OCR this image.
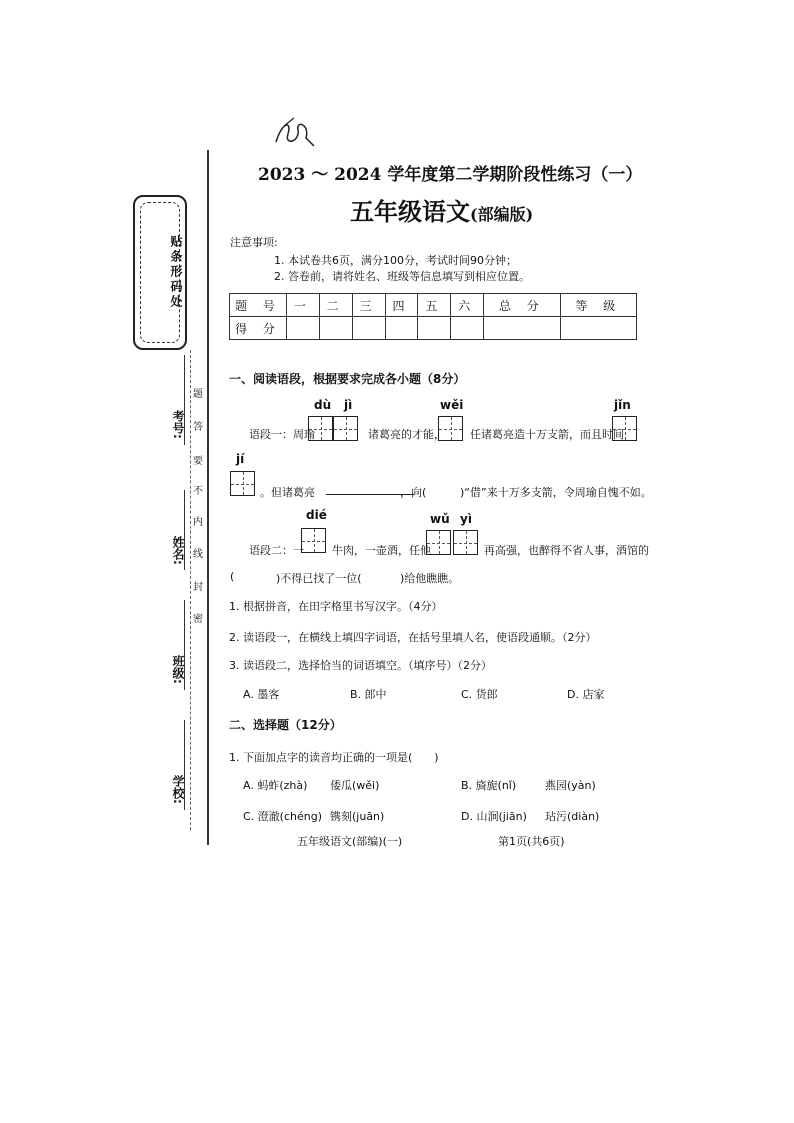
贴条形码处
考号:
姓名:
班级:
学校:
题
答
要
不
内
线
封
密
2023 ～ 2024 学年度第二学期阶段性练习（一）
五年级语文(部编版)
注意事项:
1. 本试卷共6页，满分100分，考试时间90分钟；
2. 答卷前，请将姓名、班级等信息填写到相应位置。
题 号	一	二	三	四	五	六	总 分	等 级
得 分								
一、阅读语段，根据要求完成各小题（8分）
dù jì	wěi	jǐn
语段一：周瑜	诸葛亮的才能， 任诸葛亮造十万支箭，而且时间
jí
。但诸葛亮	，向(	)“借”来十万多支箭，令周瑜自愧不如。
dié	wǔ yì
语段二：一	牛肉，一壶酒，任他	再高强，也醉得不省人事，酒馆的
(	)不得已找了一位(	)给他瞧瞧。
1. 根据拼音，在田字格里书写汉字。（4分）
2. 读语段一，在横线上填四字词语，在括号里填人名，使语段通顺。（2分）
3. 读语段二，选择恰当的词语填空。（填序号）（2分）
A. 墨客	B. 郎中	C. 货郎	D. 店家
二、选择题（12分）
1. 下面加点字的读音均正确的一项是(　　)
A. 蚂蚱(zhà) 倭瓜(wěi)	B. 旖旎(nǐ)	燕园(yàn)
C. 澄澈(chéng) 镌刻(juān)	D. 山涧(jiān) 玷污(diàn)
五年级语文(部编)(一)	第1页(共6页)
